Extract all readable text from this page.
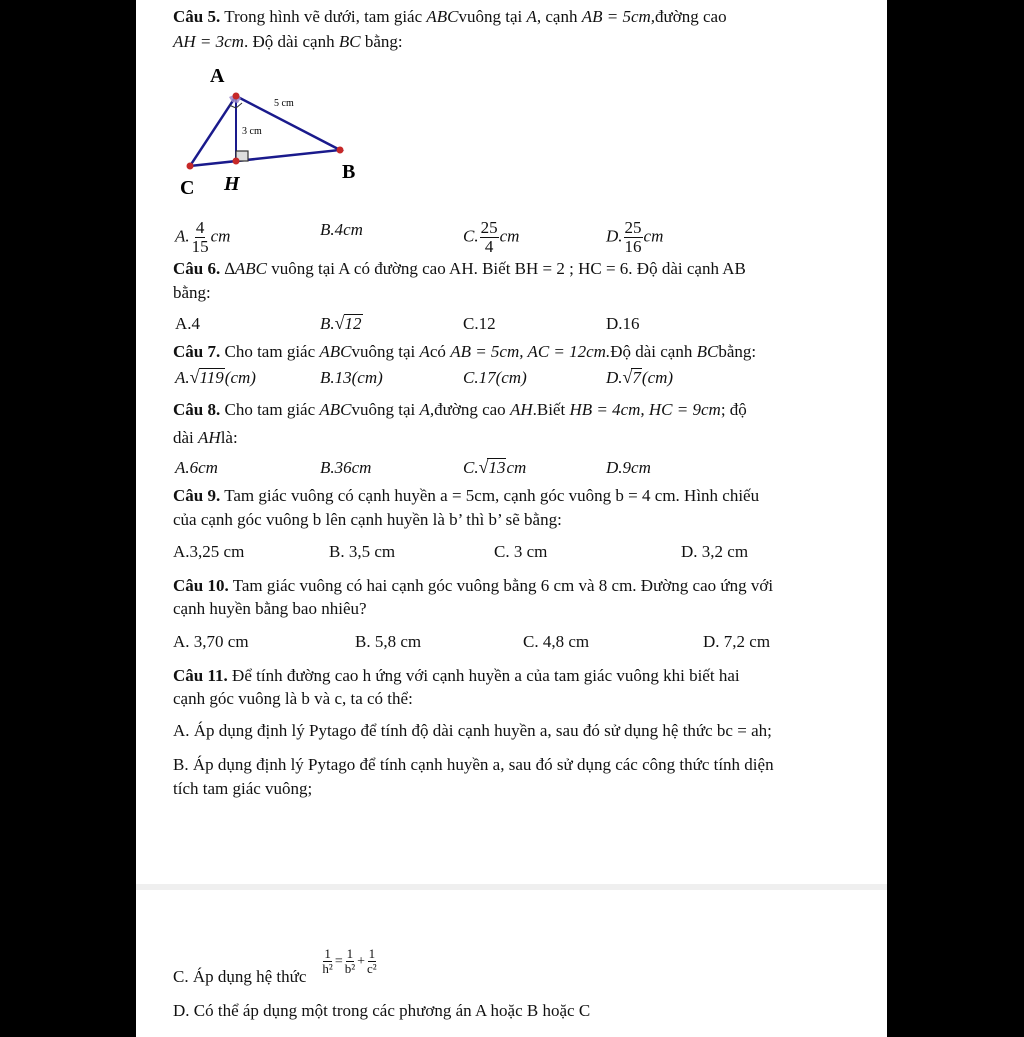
Câu 5. Trong hình vẽ dưới, tam giác ABCvuông tại A, cạnh AB = 5cm,đường cao
AH = 3cm. Độ dài cạnh BC bằng:
A
5 cm
3 cm
C H
B
A. $\frac{4}{15}$ cm	B.4cm	C. $\frac{25}{4}$ cm	D. $\frac{25}{16}$ cm
Câu 6. ∆ABC vuông tại A có đường cao AH. Biết BH = 2 ; HC = 6. Độ dài cạnh AB
bằng:
A.4	B. √ 12	C.12	D.16
Câu 7. Cho tam giác ABCvuông tại Acó AB = 5cm, AC = 12cm.Độ dài cạnh BCbằng:
A. √ 119 (cm)	B.13(cm)	C.17(cm)	D. √ 7 (cm)
Câu 8. Cho tam giác ABCvuông tại A,đường cao AH.Biết HB = 4cm, HC = 9cm; độ
dài AHlà:
A.6cm	B.36cm	C. √ 13 cm	D.9cm
Câu 9. Tam giác vuông có cạnh huyền a = 5cm, cạnh góc vuông b = 4 cm. Hình chiếu
của cạnh góc vuông b lên cạnh huyền là b’ thì b’ sẽ bằng:
A.3,25 cm	B. 3,5 cm	C. 3 cm	D. 3,2 cm
Câu 10. Tam giác vuông có hai cạnh góc vuông bằng 6 cm và 8 cm. Đường cao ứng với
cạnh huyền bằng bao nhiêu?
A. 3,70 cm	B. 5,8 cm	C. 4,8 cm	D. 7,2 cm
Câu 11. Để tính đường cao h ứng với cạnh huyền a của tam giác vuông khi biết hai
cạnh góc vuông là b và c, ta có thể:
A. Áp dụng định lý Pytago để tính độ dài cạnh huyền a, sau đó sử dụng hệ thức bc = ah;
B. Áp dụng định lý Pytago để tính cạnh huyền a, sau đó sử dụng các công thức tính diện
tích tam giác vuông;
C. Áp dụng hệ thức
$\frac{1}{\text{h²}} = \frac{1}{\text{b²}} + \frac{1}{\text{c²}}$
D. Có thể áp dụng một trong các phương án A hoặc B hoặc C
